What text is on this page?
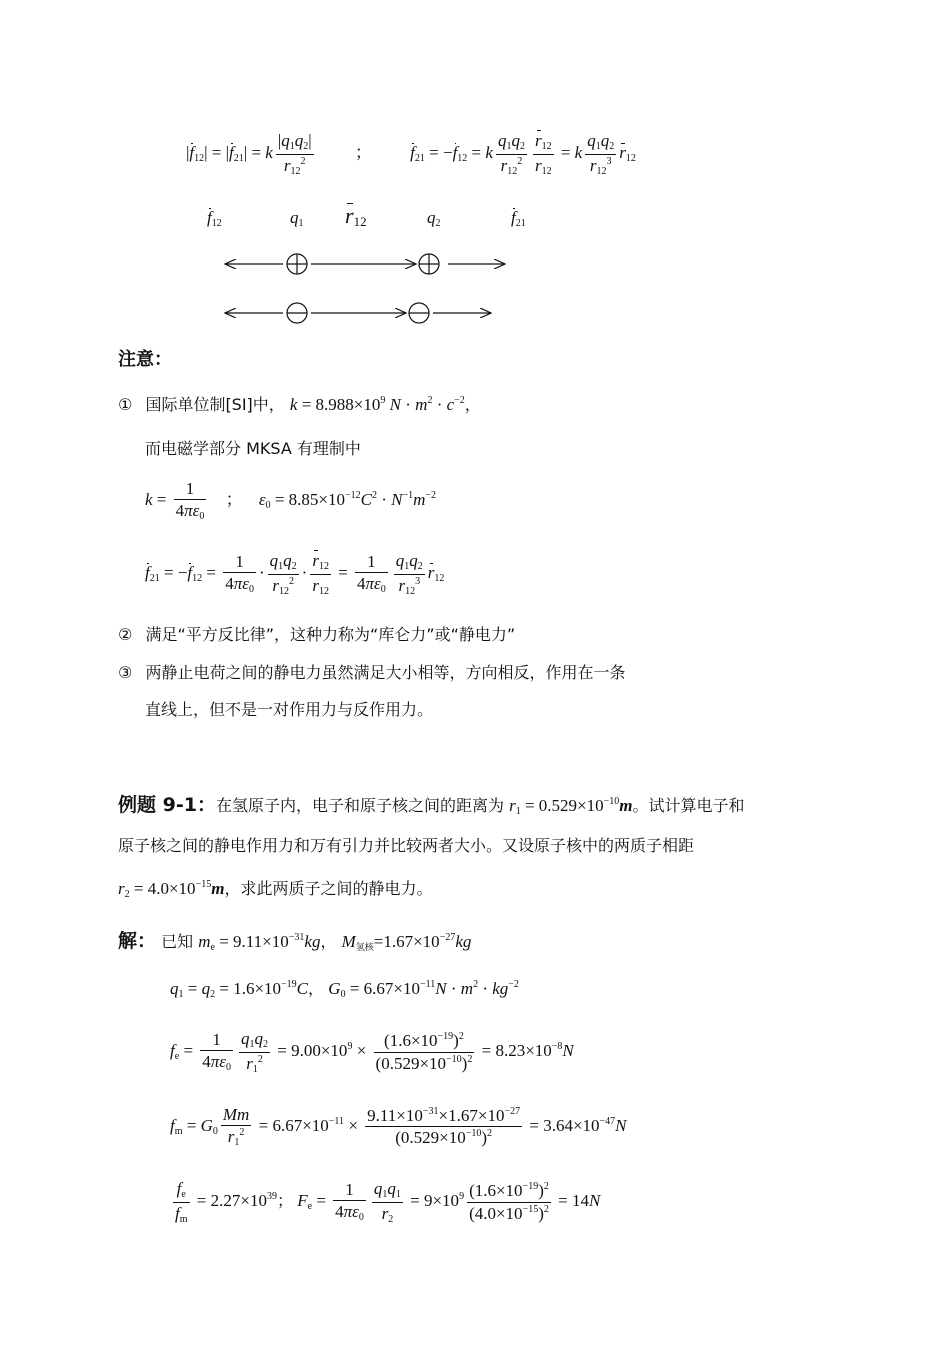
$|f_{12}| = |f_{21}| = k \frac{|q_1q_2|}{r_{12}^2}$ ； $f_{21} = -f_{12} = k \frac{q_1q_2}{r_{12}^2} \frac{r_{12}}{r_{12}} = k \frac{q_1q_2}{r_{12}^3} r_{12}$
$f_{12}$	$q_1$ $r_{12}$	$q_2$	$f_{21}$
注意：
① 国际单位制[SI]中， $k = 8.988\times 10^9$ $N \cdot m^2 \cdot c^{-2}$，
而电磁学部分 MKSA 有理制中
$k = \frac{1}{4\pi\varepsilon_0}$ ； $\varepsilon_0 = 8.85\times 10^{-12}C^2 \cdot N^{-1}m^{-2}$
$f_{21} = -f_{12} = \frac{1}{4\pi\varepsilon_0} \cdot \frac{q_1q_2}{r_{12}^2} \cdot \frac{r_{12}}{r_{12}} = \frac{1}{4\pi\varepsilon_0} \frac{q_1q_2}{r_{12}^3} r_{12}$
② 满足“平方反比律”，这种力称为“库仑力”或“静电力”
③ 两静止电荷之间的静电力虽然满足大小相等，方向相反，作用在一条
直线上，但不是一对作用力与反作用力。
例题 9-1：在氢原子内，电子和原子核之间的距离为 $r_1 = 0.529\times 10^{-10}m$。试计算电子和
原子核之间的静电作用力和万有引力并比较两者大小。又设原子核中的两质子相距
$r_2 = 4.0\times 10^{-15}m$，求此两质子之间的静电力。
解： 已知 $m_e = 9.11\times 10^{-31}kg$， $M_{氢核}=1.67\times 10^{-27}kg$
$q_1 = q_2 = 1.6\times 10^{-19}C$， $G_0 = 6.67\times 10^{-11}N \cdot m^2 \cdot kg^{-2}$
$f_e = \frac{1}{4\pi\varepsilon_0} \frac{q_1q_2}{r_1^2} = 9.00\times 10^9 \times \frac{(1.6\times 10^{-19})^2}{(0.529\times 10^{-10})^2} = 8.23\times 10^{-8}N$
$f_m = G_0 \frac{Mm}{r_1^2} = 6.67\times 10^{-11} \times \frac{9.11\times 10^{-31}\times 1.67\times 10^{-27}}{(0.529\times 10^{-10})^2} = 3.64\times 10^{-47}N$
$\frac{f_e}{f_m} = 2.27\times 10^{39}$； $F_e = \frac{1}{4\pi\varepsilon_0} \frac{q_1q_1}{r_2} = 9\times 10^9 \frac{(1.6\times 10^{-19})^2}{(4.0\times 10^{-15})^2} = 14N$
